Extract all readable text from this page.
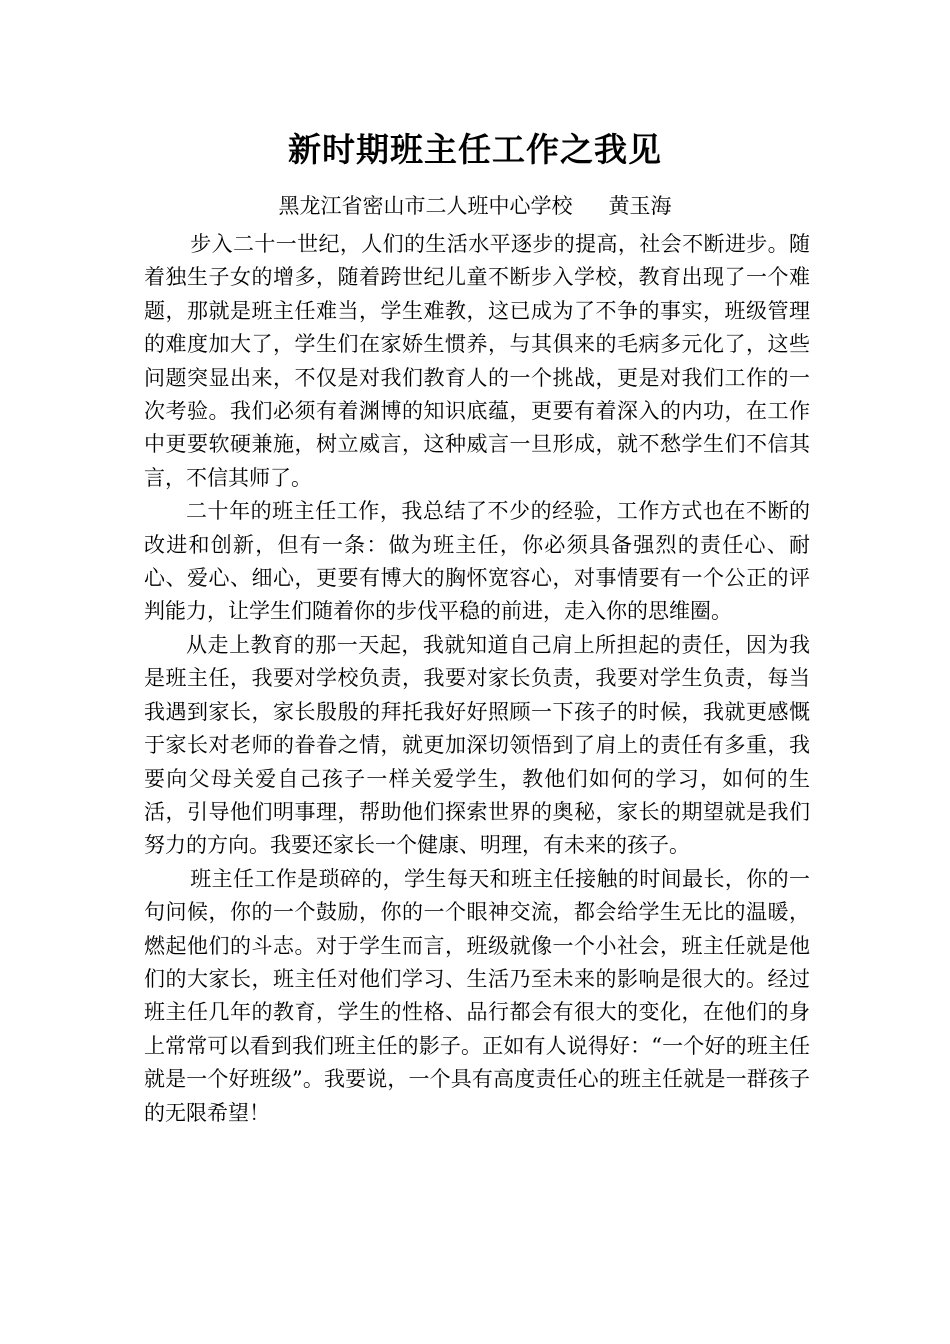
新时期班主任工作之我见
黑龙江省密山市二人班中心学校 黄玉海

步入二十一世纪，人们的生活水平逐步的提高，社会不断进步。随着独生子女的增多，随着跨世纪儿童不断步入学校，教育出现了一个难题，那就是班主任难当，学生难教，这已成为了不争的事实，班级管理的难度加大了，学生们在家娇生惯养，与其俱来的毛病多元化了，这些问题突显出来，不仅是对我们教育人的一个挑战，更是对我们工作的一次考验。我们必须有着渊博的知识底蕴，更要有着深入的内功，在工作中更要软硬兼施，树立威言，这种威言一旦形成，就不愁学生们不信其言，不信其师了。

二十年的班主任工作，我总结了不少的经验，工作方式也在不断的改进和创新，但有一条：做为班主任，你必须具备强烈的责任心、耐心、爱心、细心，更要有博大的胸怀宽容心，对事情要有一个公正的评判能力，让学生们随着你的步伐平稳的前进，走入你的思维圈。

从走上教育的那一天起，我就知道自己肩上所担起的责任，因为我是班主任，我要对学校负责，我要对家长负责，我要对学生负责，每当我遇到家长，家长殷殷的拜托我好好照顾一下孩子的时候，我就更感慨于家长对老师的眷眷之情，就更加深切领悟到了肩上的责任有多重，我要向父母关爱自己孩子一样关爱学生，教他们如何的学习，如何的生活，引导他们明事理，帮助他们探索世界的奥秘，家长的期望就是我们努力的方向。我要还家长一个健康、明理，有未来的孩子。

班主任工作是琐碎的，学生每天和班主任接触的时间最长，你的一句问候，你的一个鼓励，你的一个眼神交流，都会给学生无比的温暖，燃起他们的斗志。对于学生而言，班级就像一个小社会，班主任就是他们的大家长，班主任对他们学习、生活乃至未来的影响是很大的。经过班主任几年的教育，学生的性格、品行都会有很大的变化，在他们的身上常常可以看到我们班主任的影子。正如有人说得好：“一个好的班主任就是一个好班级”。我要说，一个具有高度责任心的班主任就是一群孩子的无限希望！
